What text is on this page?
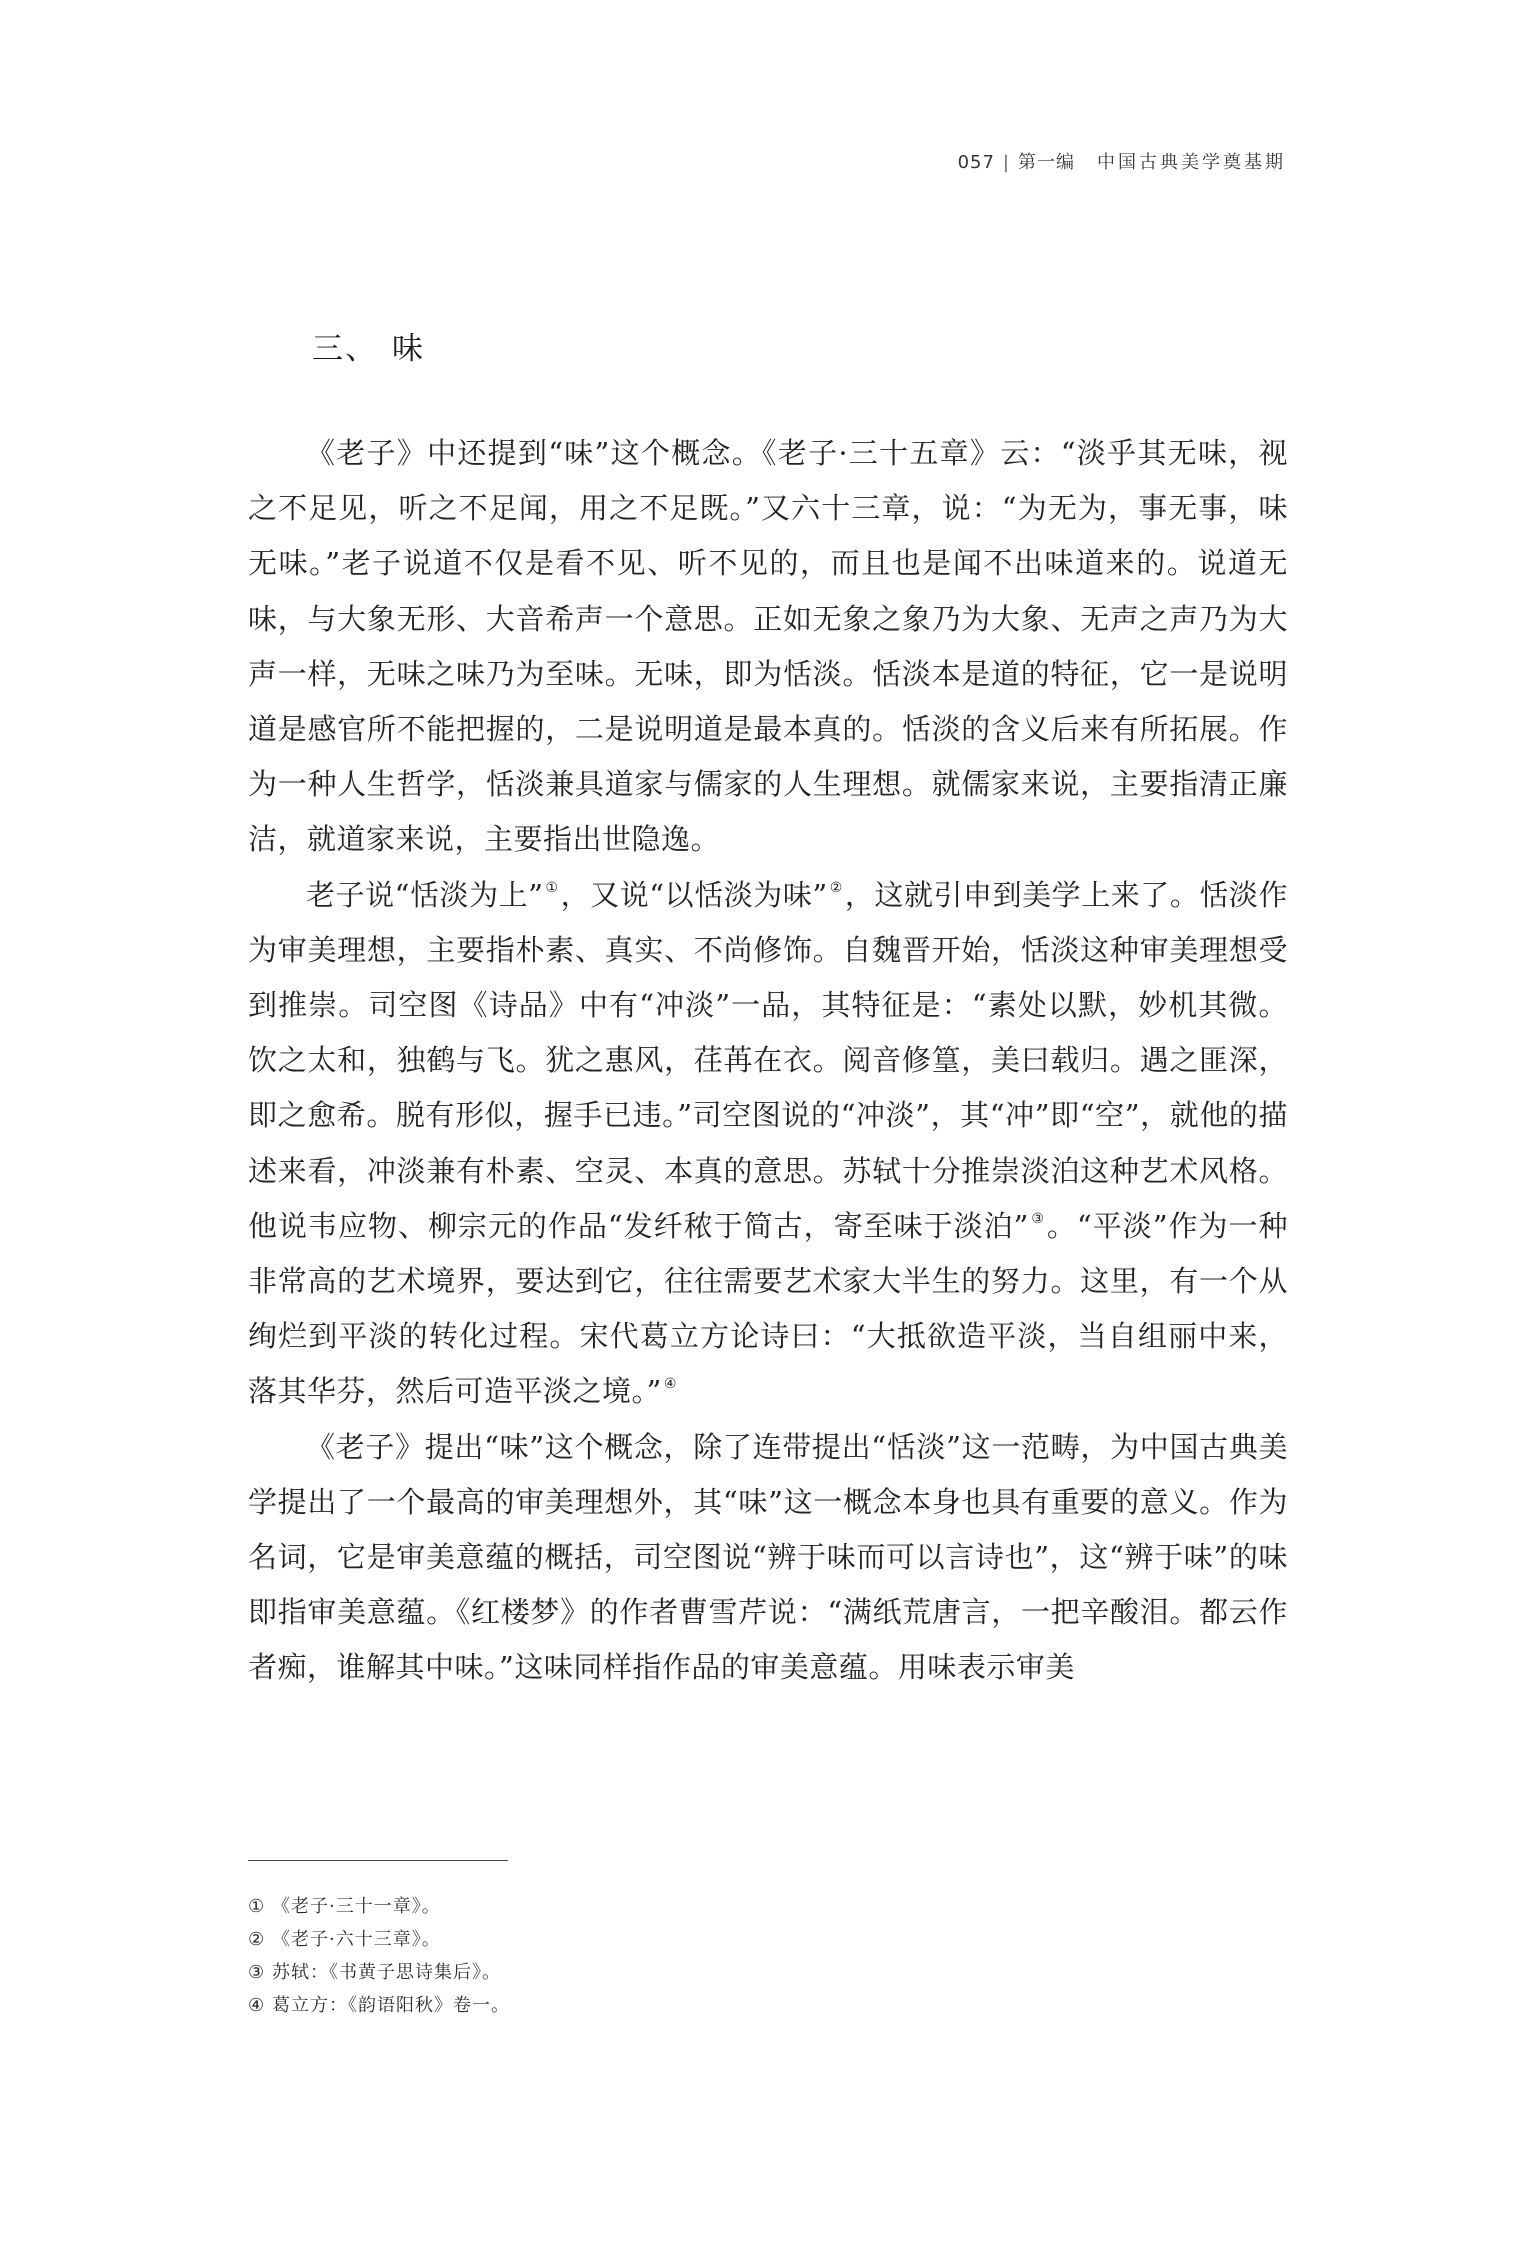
057 | 第一编 中国古典美学奠基期
三、 味

《老子》中还提到“味”这个概念。《老子·三十五章》云：“淡乎其无味，视之不足见，听之不足闻，用之不足既。”又六十三章，说：“为无为，事无事，味无味。”老子说道不仅是看不见、听不见的，而且也是闻不出味道来的。说道无味，与大象无形、大音希声一个意思。正如无象之象乃为大象、无声之声乃为大声一样，无味之味乃为至味。无味，即为恬淡。恬淡本是道的特征，它一是说明道是感官所不能把握的，二是说明道是最本真的。恬淡的含义后来有所拓展。作为一种人生哲学，恬淡兼具道家与儒家的人生理想。就儒家来说，主要指清正廉洁，就道家来说，主要指出世隐逸。

老子说“恬淡为上” ①，又说“以恬淡为味” ②，这就引申到美学上来了。恬淡作为审美理想，主要指朴素、真实、不尚修饰。自魏晋开始，恬淡这种审美理想受到推崇。司空图《诗品》中有“冲淡”一品，其特征是：“素处以默，妙机其微。饮之太和，独鹤与飞。犹之惠风，荏苒在衣。阅音修篁，美曰载归。遇之匪深，即之愈希。脱有形似，握手已违。”司空图说的“冲淡”，其“冲”即“空”，就他的描述来看，冲淡兼有朴素、空灵、本真的意思。苏轼十分推崇淡泊这种艺术风格。他说韦应物、柳宗元的作品“发纤秾于简古，寄至味于淡泊” ③。“平淡”作为一种非常高的艺术境界，要达到它，往往需要艺术家大半生的努力。这里，有一个从绚烂到平淡的转化过程。宋代葛立方论诗曰：“大抵欲造平淡，当自组丽中来，落其华芬，然后可造平淡之境。” ④

《老子》提出“味”这个概念，除了连带提出“恬淡”这一范畴，为中国古典美学提出了一个最高的审美理想外，其“味”这一概念本身也具有重要的意义。作为名词，它是审美意蕴的概括，司空图说“辨于味而可以言诗也”，这“辨于味”的味即指审美意蕴。《红楼梦》的作者曹雪芹说：“满纸荒唐言，一把辛酸泪。都云作者痴，谁解其中味。”这味同样指作品的审美意蕴。用味表示审美

① 《老子·三十一章》。
② 《老子·六十三章》。
③ 苏轼：《书黄子思诗集后》。
④ 葛立方：《韵语阳秋》卷一。
